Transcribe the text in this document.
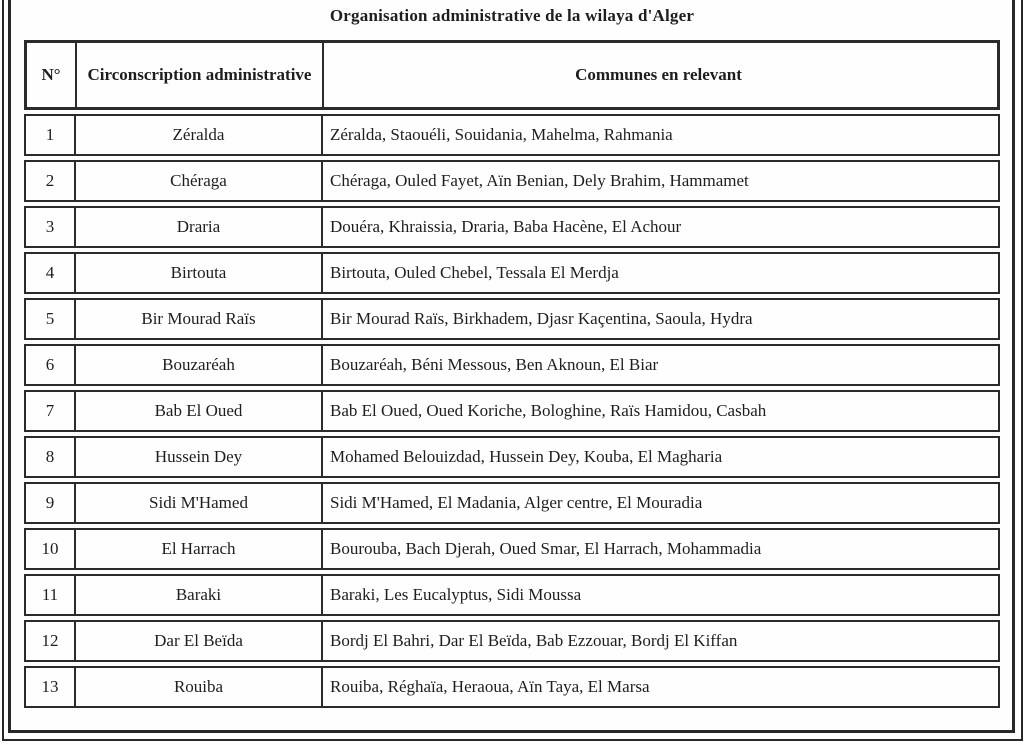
Organisation administrative de la wilaya d'Alger
N°	Circonscription administrative	Communes en relevant
1	Zéralda	Zéralda, Staouéli, Souidania, Mahelma, Rahmania
2	Chéraga	Chéraga, Ouled Fayet, Aïn Benian, Dely Brahim, Hammamet
3	Draria	Douéra, Khraissia, Draria, Baba Hacène, El Achour
4	Birtouta	Birtouta, Ouled Chebel, Tessala El Merdja
5	Bir Mourad Raïs	Bir Mourad Raïs, Birkhadem, Djasr Kaçentina, Saoula, Hydra
6	Bouzaréah	Bouzaréah, Béni Messous, Ben Aknoun, El Biar
7	Bab El Oued	Bab El Oued, Oued Koriche, Bologhine, Raïs Hamidou, Casbah
8	Hussein Dey	Mohamed Belouizdad, Hussein Dey, Kouba, El Magharia
9	Sidi M'Hamed	Sidi M'Hamed, El Madania, Alger centre, El Mouradia
10	El Harrach	Bourouba, Bach Djerah, Oued Smar, El Harrach, Mohammadia
11	Baraki	Baraki, Les Eucalyptus, Sidi Moussa
12	Dar El Beïda	Bordj El Bahri, Dar El Beïda, Bab Ezzouar, Bordj El Kiffan
13	Rouiba	Rouiba, Réghaïa, Heraoua, Aïn Taya, El Marsa
